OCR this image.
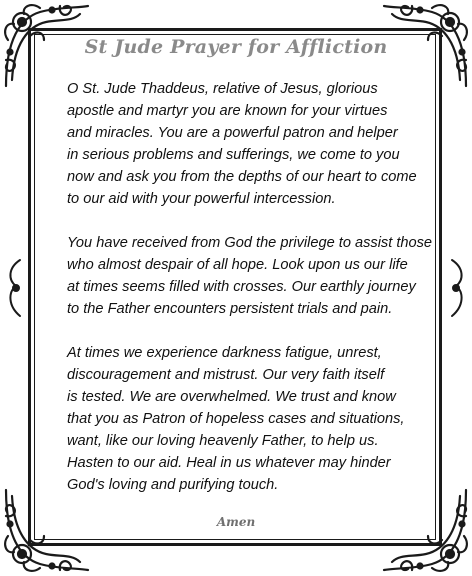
St Jude Prayer for Affliction

O St. Jude Thaddeus, relative of Jesus, glorious
apostle and martyr you are known for your virtues
and miracles. You are a powerful patron and helper
in serious problems and sufferings, we come to you
now and ask you from the depths of our heart to come
to our aid with your powerful intercession.

You have received from God the privilege to assist those
who almost despair of all hope. Look upon us our life
at times seems filled with crosses. Our earthly journey
to the Father encounters persistent trials and pain.

At times we experience darkness fatigue, unrest,
discouragement and mistrust. Our very faith itself
is tested. We are overwhelmed. We trust and know
that you as Patron of hopeless cases and situations,
want, like our loving heavenly Father, to help us.
Hasten to our aid. Heal in us whatever may hinder
God's loving and purifying touch.

Amen
